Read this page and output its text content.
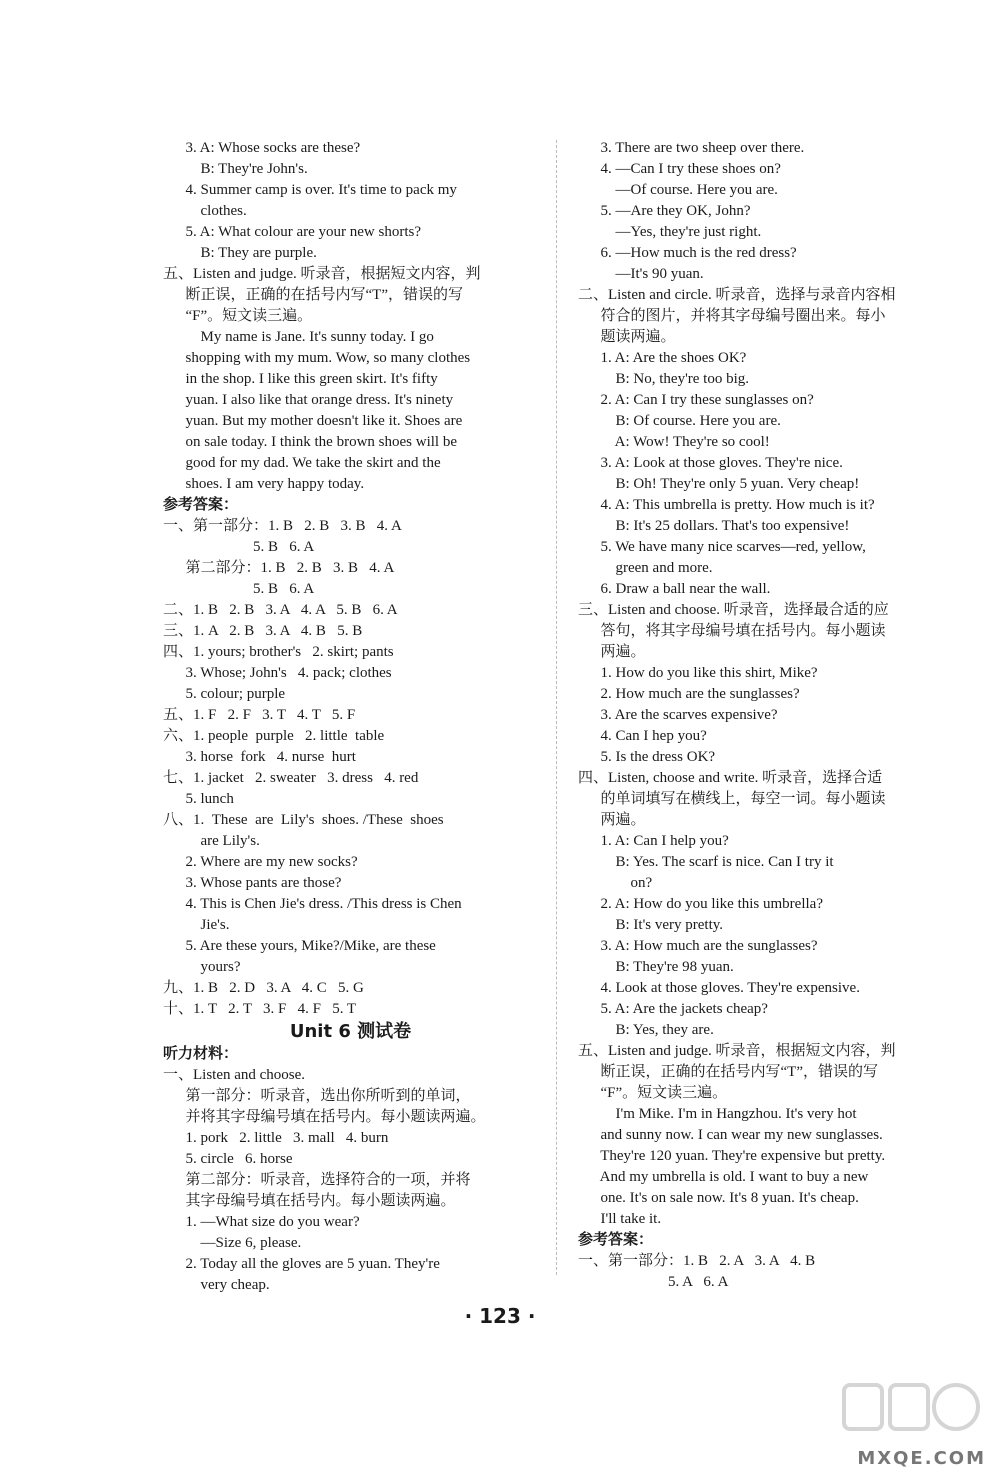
3. A: Whose socks are these?
B: They're John's.
4. Summer camp is over. It's time to pack my
clothes.
5. A: What colour are your new shorts?
B: They are purple.
五、Listen and judge. 听录音，根据短文内容，判
断正误，正确的在括号内写“T”，错误的写
“F”。短文读三遍。
My name is Jane. It's sunny today. I go
shopping with my mum. Wow, so many clothes
in the shop. I like this green skirt. It's fifty
yuan. I also like that orange dress. It's ninety
yuan. But my mother doesn't like it. Shoes are
on sale today. I think the brown shoes will be
good for my dad. We take the skirt and the
shoes. I am very happy today.
参考答案：
一、第一部分：1. B   2. B   3. B   4. A
5. B   6. A
第二部分：1. B   2. B   3. B   4. A
5. B   6. A
二、1. B   2. B   3. A   4. A   5. B   6. A
三、1. A   2. B   3. A   4. B   5. B
四、1. yours; brother's   2. skirt; pants
3. Whose; John's   4. pack; clothes
5. colour; purple
五、1. F   2. F   3. T   4. T   5. F
六、1. people  purple   2. little  table
3. horse  fork   4. nurse  hurt
七、1. jacket   2. sweater   3. dress   4. red
5. lunch
八、1.  These  are  Lily's  shoes. /These  shoes
are Lily's.
2. Where are my new socks?
3. Whose pants are those?
4. This is Chen Jie's dress. /This dress is Chen
Jie's.
5. Are these yours, Mike?/Mike, are these
yours?
九、1. B   2. D   3. A   4. C   5. G
十、1. T   2. T   3. F   4. F   5. T
Unit 6 测试卷
听力材料：
一、Listen and choose.
第一部分：听录音，选出你所听到的单词，
并将其字母编号填在括号内。每小题读两遍。
1. pork   2. little   3. mall   4. burn
5. circle   6. horse
第二部分：听录音，选择符合的一项，并将
其字母编号填在括号内。每小题读两遍。
1. —What size do you wear?
—Size 6, please.
2. Today all the gloves are 5 yuan. They're
very cheap.
3. There are two sheep over there.
4. —Can I try these shoes on?
—Of course. Here you are.
5. —Are they OK, John?
—Yes, they're just right.
6. —How much is the red dress?
—It's 90 yuan.
二、Listen and circle. 听录音，选择与录音内容相
符合的图片，并将其字母编号圈出来。每小
题读两遍。
1. A: Are the shoes OK?
B: No, they're too big.
2. A: Can I try these sunglasses on?
B: Of course. Here you are.
A: Wow! They're so cool!
3. A: Look at those gloves. They're nice.
B: Oh! They're only 5 yuan. Very cheap!
4. A: This umbrella is pretty. How much is it?
B: It's 25 dollars. That's too expensive!
5. We have many nice scarves—red, yellow,
green and more.
6. Draw a ball near the wall.
三、Listen and choose. 听录音，选择最合适的应
答句，将其字母编号填在括号内。每小题读
两遍。
1. How do you like this shirt, Mike?
2. How much are the sunglasses?
3. Are the scarves expensive?
4. Can I hep you?
5. Is the dress OK?
四、Listen, choose and write. 听录音，选择合适
的单词填写在横线上，每空一词。每小题读
两遍。
1. A: Can I help you?
B: Yes. The scarf is nice. Can I try it
on?
2. A: How do you like this umbrella?
B: It's very pretty.
3. A: How much are the sunglasses?
B: They're 98 yuan.
4. Look at those gloves. They're expensive.
5. A: Are the jackets cheap?
B: Yes, they are.
五、Listen and judge. 听录音，根据短文内容，判
断正误，正确的在括号内写“T”，错误的写
“F”。短文读三遍。
I'm Mike. I'm in Hangzhou. It's very hot
and sunny now. I can wear my new sunglasses.
They're 120 yuan. They're expensive but pretty.
And my umbrella is old. I want to buy a new
one. It's on sale now. It's 8 yuan. It's cheap.
I'll take it.
参考答案：
一、第一部分：1. B   2. A   3. A   4. B
5. A   6. A
· 123 ·
MXQE.COM
